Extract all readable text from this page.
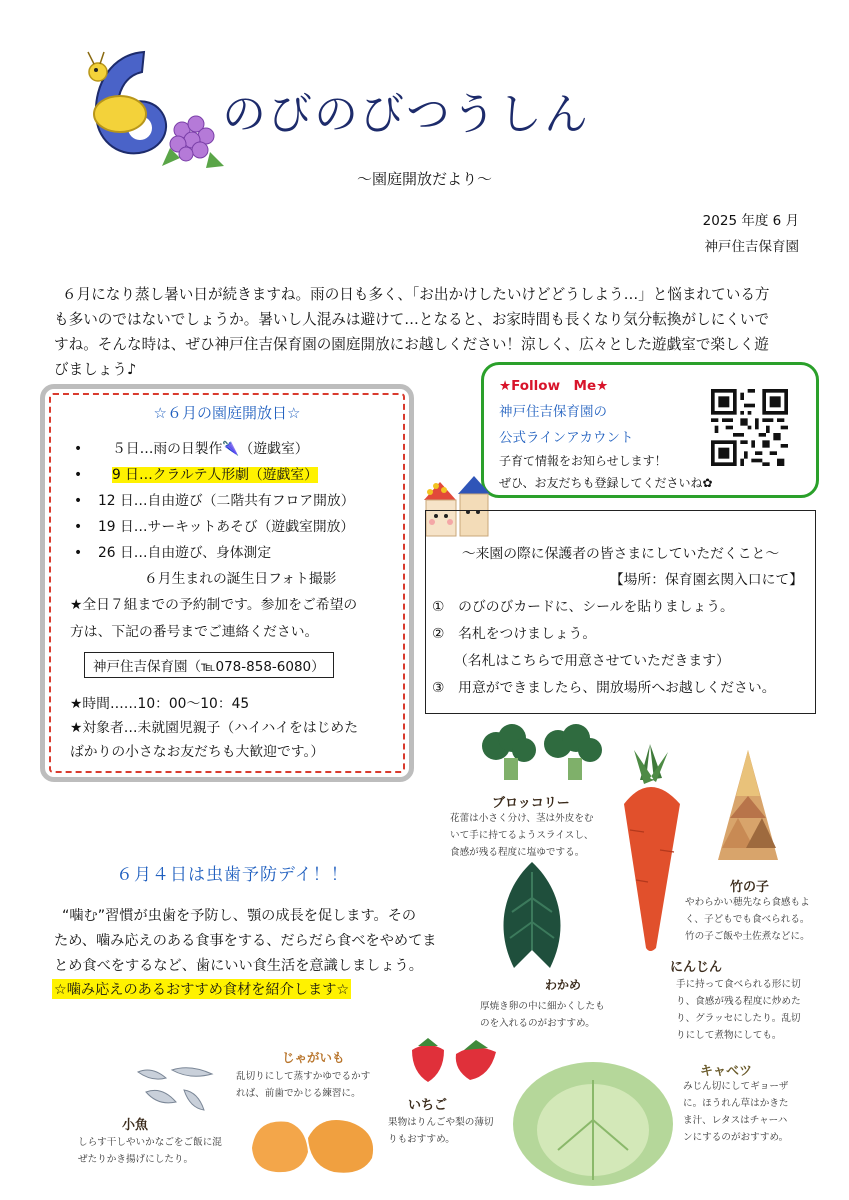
のびのびつうしん
〜園庭開放だより〜
2025 年度 6 月
神戸住吉保育園

６月になり蒸し暑い日が続きますね。雨の日も多く、「お出かけしたいけどどうしよう…」と悩まれている方

も多いのではないでしょうか。暑いし人混みは避けて…となると、お家時間も長くなり気分転換がしにくいで

すね。そんな時は、ぜひ神戸住吉保育園の園庭開放にお越しください！涼しく、広々とした遊戯室で楽しく遊

びましょう♪

☆６月の園庭開放日☆
• ５日…雨の日製作🌂（遊戯室）
• 9 日…クラルテ人形劇（遊戯室）
• 12 日…自由遊び（二階共有フロア開放）
• 19 日…サーキットあそび（遊戯室開放）
• 26 日…自由遊び、身体測定
６月生まれの誕生日フォト撮影
★全日７組までの予約制です。参加をご希望の
方は、下記の番号までご連絡ください。
神戸住吉保育園（℡078-858-6080）
★時間……10：00〜10：45
★対象者…未就園児親子（ハイハイをはじめた
ばかりの小さなお友だちも大歓迎です。）
★Follow　Me★
神戸住吉保育園の
公式ラインアカウント
子育て情報をお知らせします！
ぜひ、お友だちも登録してくださいね✿
〜来園の際に保護者の皆さまにしていただくこと〜
【場所：保育園玄関入口にて】
①　のびのびカードに、シールを貼りましょう。
②　名札をつけましょう。
（名札はこちらで用意させていただきます）
③　用意ができましたら、開放場所へお越しください。
６月４日は虫歯予防デイ！！

“噛む”習慣が虫歯を予防し、顎の成長を促します。その

ため、噛み応えのある食事をする、だらだら食べをやめてま

とめ食べをするなど、歯にいい食生活を意識しましょう。

☆噛み応えのあるおすすめ食材を紹介します☆
ブロッコリー
花蕾は小さく分け、茎は外皮をむ
いて手に持てるようスライスし、
食感が残る程度に塩ゆでする。
竹の子
やわらかい穂先なら食感もよ
く、子どもでも食べられる。
竹の子ご飯や土佐煮などに。
わかめ
厚焼き卵の中に細かくしたも
のを入れるのがおすすめ。
にんじん
手に持って食べられる形に切
り、食感が残る程度に炒めた
り、グラッセにしたり。乱切
りにして煮物にしても。
じゃがいも
乱切りにして蒸すかゆでるかす
れば、前歯でかじる練習に。
小魚
しらす干しやいかなごをご飯に混
ぜたりかき揚げにしたり。
いちご
果物はりんごや梨の薄切
りもおすすめ。
キャベツ
みじん切にしてギョーザ
に。ほうれん草はかきた
ま汁、レタスはチャーハ
ンにするのがおすすめ。
